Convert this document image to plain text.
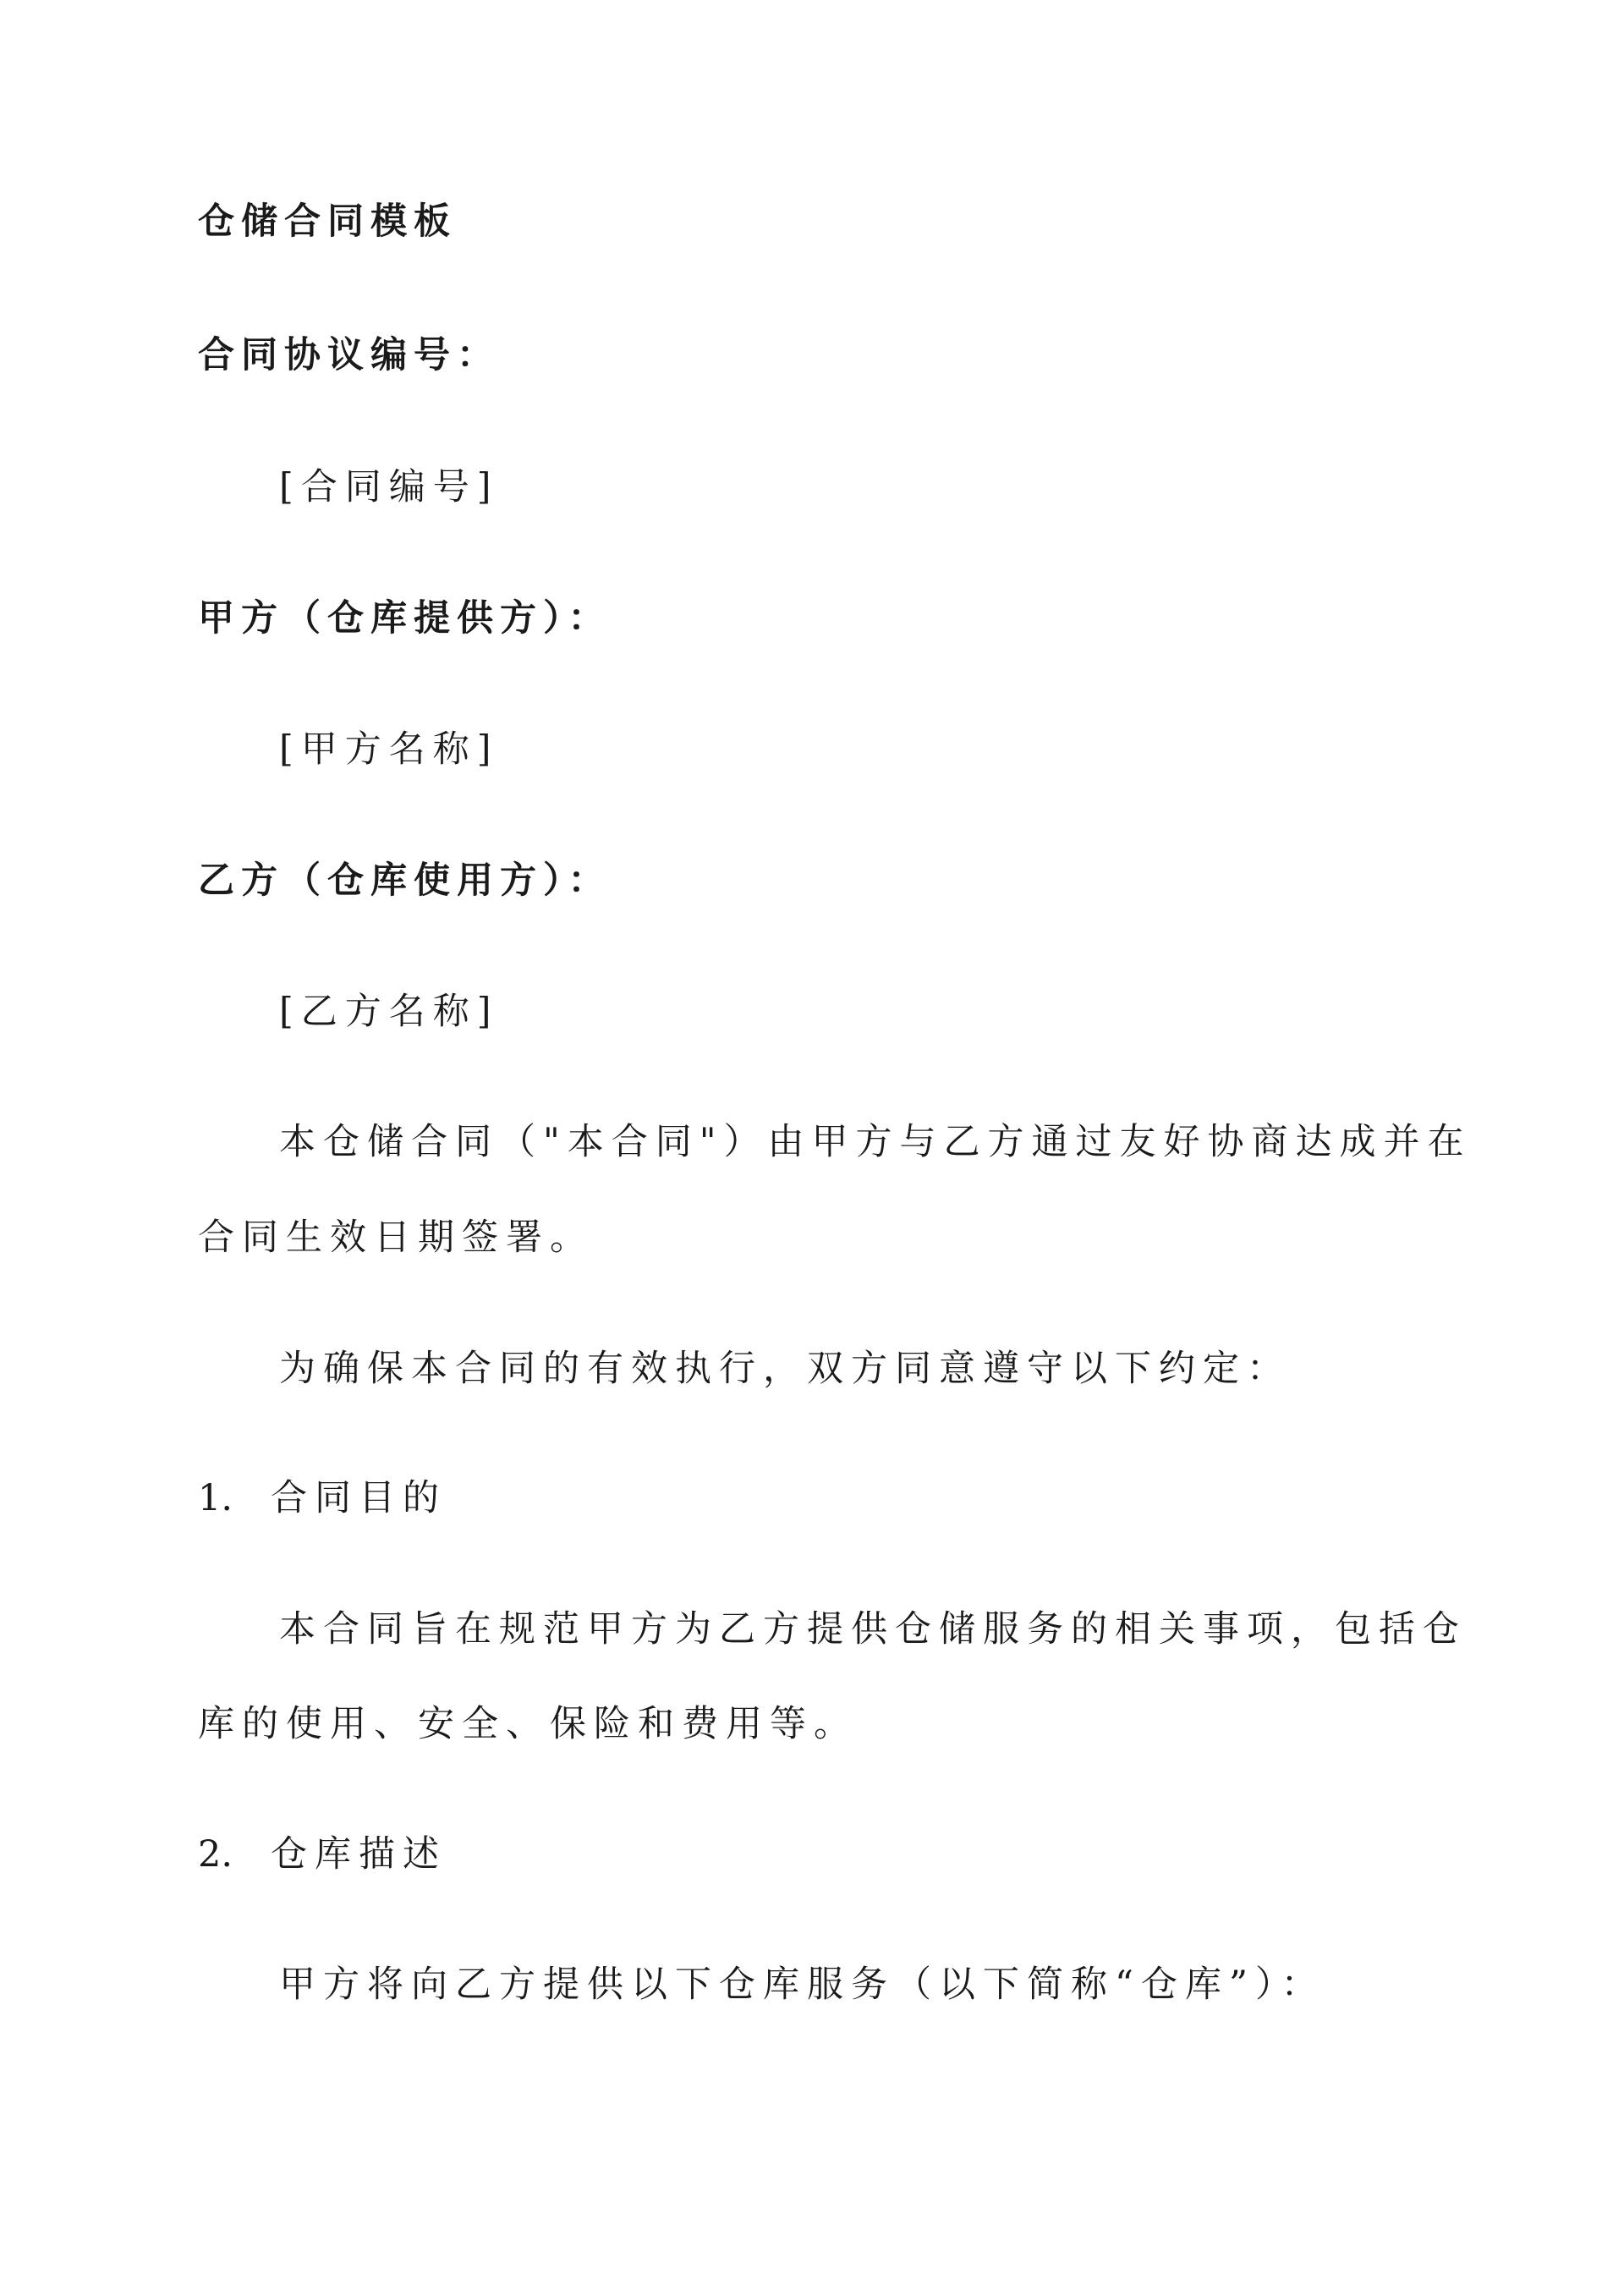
仓储合同模板
合同协议编号：
[合同编号]
甲方（仓库提供方）：
[甲方名称]
乙方（仓库使用方）：
[乙方名称]
本仓储合同（"本合同"）由甲方与乙方通过友好协商达成并在
合同生效日期签署。
为确保本合同的有效执行，双方同意遵守以下约定：
1. 合同目的
本合同旨在规范甲方为乙方提供仓储服务的相关事项，包括仓
库的使用、安全、保险和费用等。
2. 仓库描述
甲方将向乙方提供以下仓库服务（以下简称“仓库”）：
